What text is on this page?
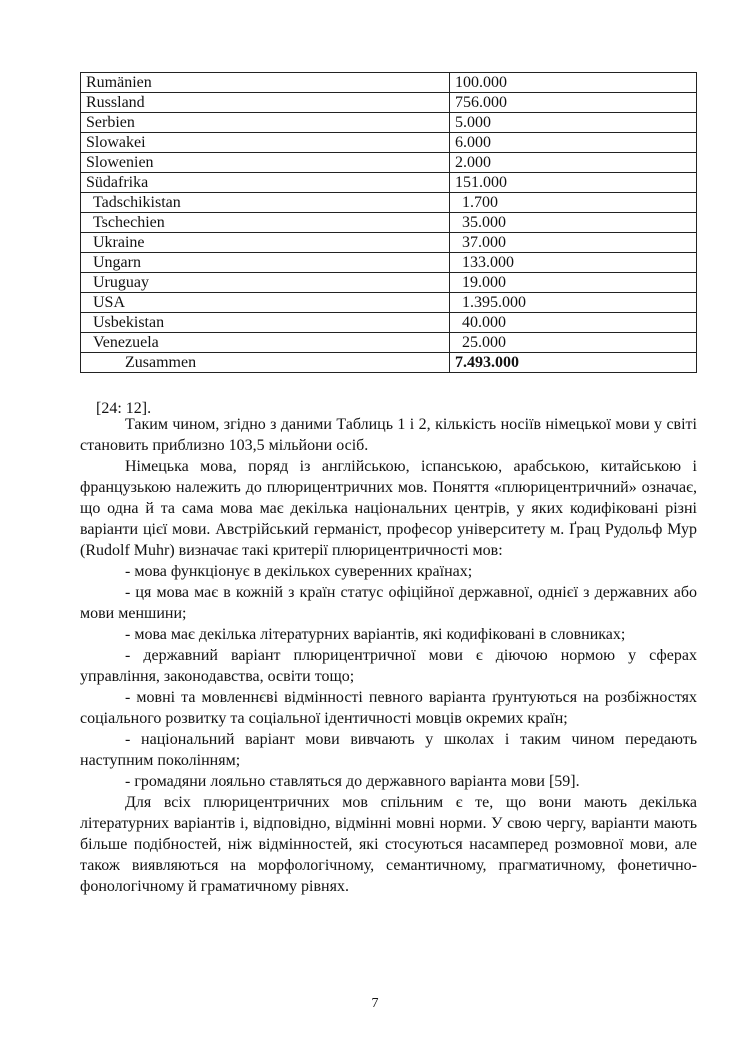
Rumänien	100.000
Russland	756.000
Serbien	5.000
Slowakei	6.000
Slowenien	2.000
Südafrika	151.000
Tadschikistan	1.700
Tschechien	35.000
Ukraine	37.000
Ungarn	133.000
Uruguay	19.000
USA	1.395.000
Usbekistan	40.000
Venezuela	25.000
Zusammen	7.493.000
[24: 12].

Таким чином, згідно з даними Таблиць 1 і 2, кількість носіїв німецької мови у світі становить приблизно 103,5 мільйони осіб.

Німецька мова, поряд із англійською, іспанською, арабською, китайською і французькою належить до плюрицентричних мов. Поняття «плюрицентричний» означає, що одна й та сама мова має декілька національних центрів, у яких кодифіковані різні варіанти цієї мови. Австрійський германіст, професор університету м. Ґрац Рудольф Мур (Rudolf Muhr) визначає такі критерії плюрицентричності мов:

- мова функціонує в декількох суверенних країнах;

- ця мова має в кожній з країн статус офіційної державної, однієї з державних або мови меншини;

- мова має декілька літературних варіантів, які кодифіковані в словниках;

- державний варіант плюрицентричної мови є діючою нормою у сферах управління, законодавства, освіти тощо;

- мовні та мовленнєві відмінності певного варіанта ґрунтуються на розбіжностях соціального розвитку та соціальної ідентичності мовців окремих країн;

- національний варіант мови вивчають у школах і таким чином передають наступним поколінням;

- громадяни лояльно ставляться до державного варіанта мови [59].

Для всіх плюрицентричних мов спільним є те, що вони мають декілька літературних варіантів і, відповідно, відмінні мовні норми. У свою чергу, варіанти мають більше подібностей, ніж відмінностей, які стосуються насамперед розмовної мови, але також виявляються на морфологічному, семантичному, прагматичному, фонетично- фонологічному й граматичному рівнях.

7
